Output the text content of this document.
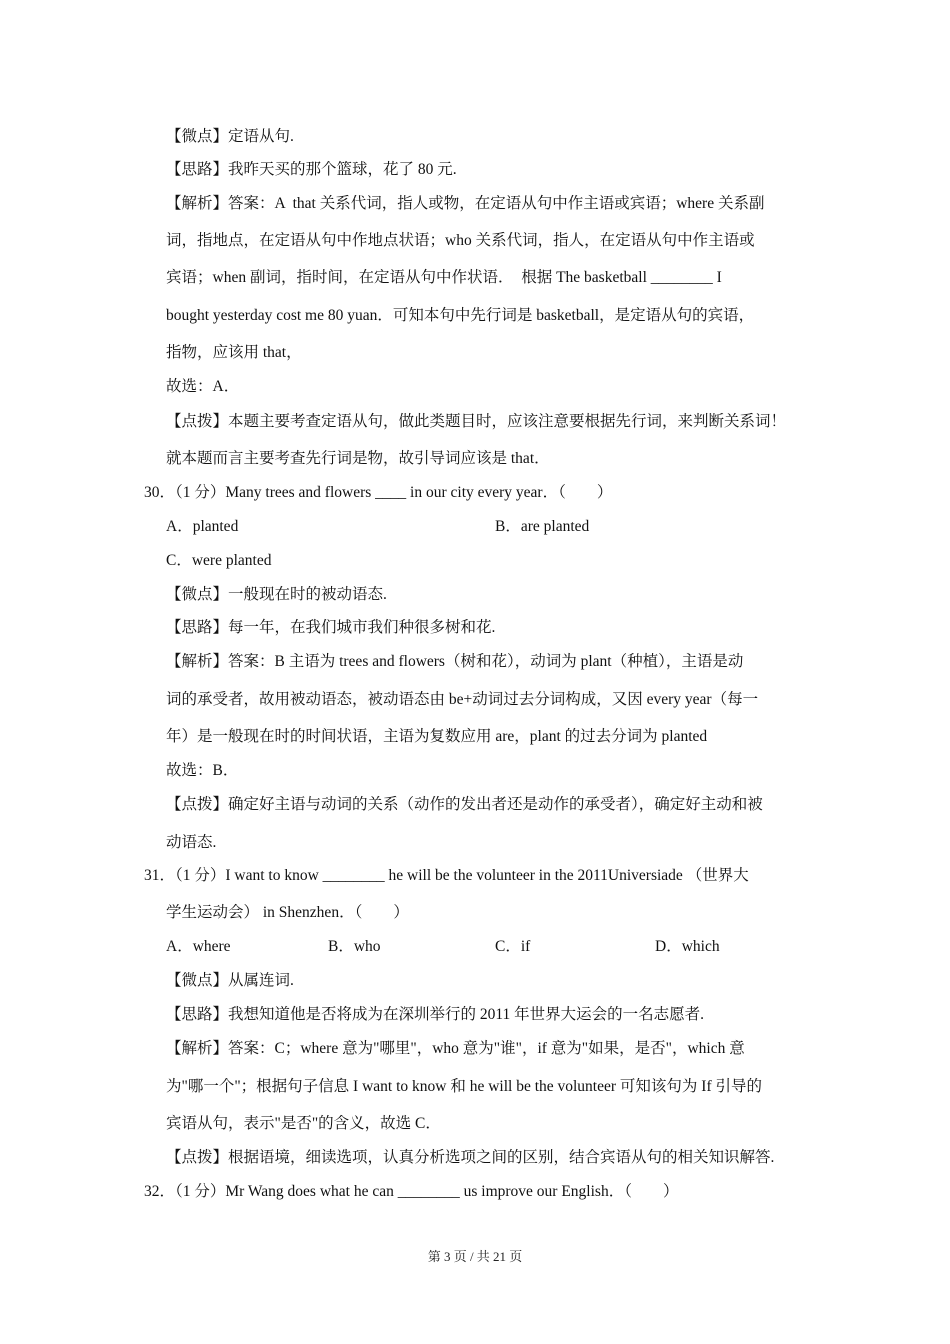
【微点】定语从句.
【思路】我昨天买的那个篮球，花了 80 元.
【解析】答案：A  that 关系代词，指人或物，在定语从句中作主语或宾语；where 关系副
词，指地点，在定语从句中作地点状语；who 关系代词，指人，在定语从句中作主语或
宾语；when 副词，指时间，在定语从句中作状语．  根据 The basketball ________ I
bought yesterday cost me 80 yuan．可知本句中先行词是 basketball，是定语从句的宾语，
指物，应该用 that，
故选：A．
【点拨】本题主要考查定语从句，做此类题目时，应该注意要根据先行词，来判断关系词！
就本题而言主要考查先行词是物，故引导词应该是 that．
30．（1 分）Many trees and flowers ____ in our city every year．（　　）
A．planted	B．are planted
C．were planted
【微点】一般现在时的被动语态.
【思路】每一年，在我们城市我们种很多树和花.
【解析】答案：B 主语为 trees and flowers（树和花），动词为 plant（种植），主语是动
词的承受者，故用被动语态，被动语态由 be+动词过去分词构成，又因 every year（每一
年）是一般现在时的时间状语，主语为复数应用 are，plant 的过去分词为 planted
故选：B．
【点拨】确定好主语与动词的关系（动作的发出者还是动作的承受者），确定好主动和被
动语态.
31．（1 分）I want to know ________ he will be the volunteer in the 2011Universiade （世界大
学生运动会） in Shenzhen．（　　）
A．where	B．who	C．if	D．which
【微点】从属连词.
【思路】我想知道他是否将成为在深圳举行的 2011 年世界大运会的一名志愿者.
【解析】答案：C；where 意为"哪里"，who 意为"谁"，if 意为"如果，是否"，which 意
为"哪一个"；根据句子信息 I want to know 和 he will be the volunteer 可知该句为 If 引导的
宾语从句，表示"是否"的含义，故选 C．
【点拨】根据语境，细读选项，认真分析选项之间的区别，结合宾语从句的相关知识解答.
32．（1 分）Mr Wang does what he can ________ us improve our English．（　　）
第 3 页 / 共 21 页
